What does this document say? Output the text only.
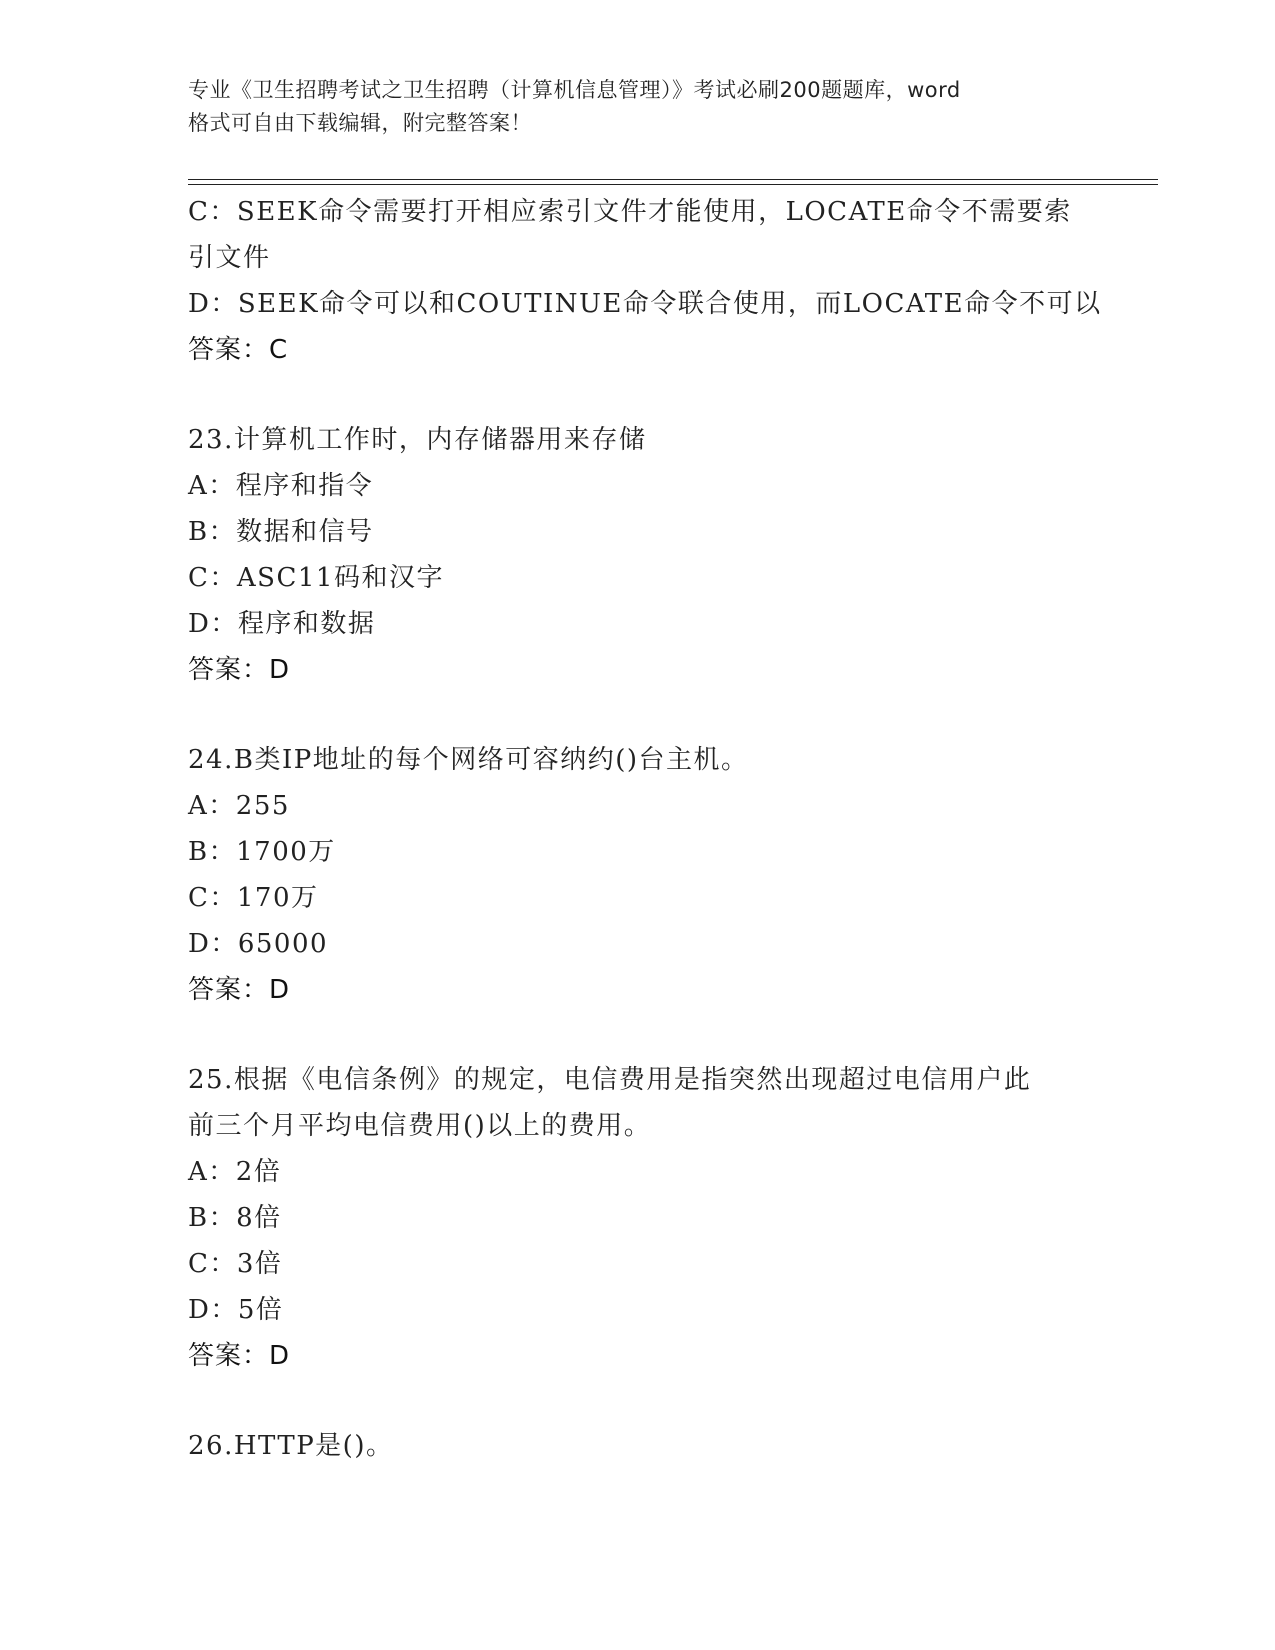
专业《卫生招聘考试之卫生招聘（计算机信息管理）》考试必刷200题题库，word
格式可自由下载编辑，附完整答案！
C：SEEK命令需要打开相应索引文件才能使用，LOCATE命令不需要索
引文件
D：SEEK命令可以和COUTINUE命令联合使用，而LOCATE命令不可以
答案：C
23.计算机工作时，内存储器用来存储
A：程序和指令
B：数据和信号
C：ASC11码和汉字
D：程序和数据
答案：D
24.B类IP地址的每个网络可容纳约()台主机。
A：255
B：1700万
C：170万
D：65000
答案：D
25.根据《电信条例》的规定，电信费用是指突然出现超过电信用户此
前三个月平均电信费用()以上的费用。
A：2倍
B：8倍
C：3倍
D：5倍
答案：D
26.HTTP是()。
